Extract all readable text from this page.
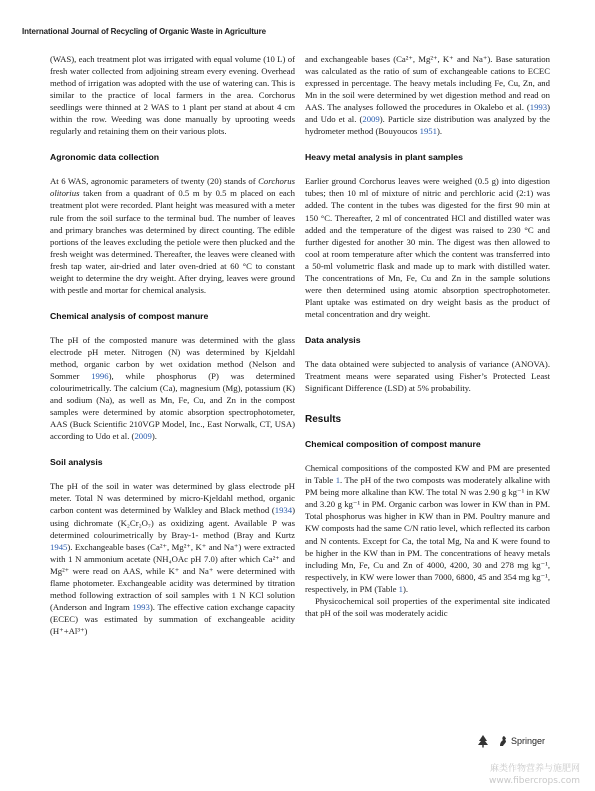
International Journal of Recycling of Organic Waste in Agriculture

(WAS), each treatment plot was irrigated with equal volume (10 L) of fresh water collected from adjoining stream every evening. Overhead method of irrigation was adopted with the use of watering can. This is similar to the practice of local farmers in the area. Corchorus seedlings were thinned at 2 WAS to 1 plant per stand at about 4 cm within the row. Weeding was done manually by uprooting weeds regularly and retaining them on their various plots.

Agronomic data collection

At 6 WAS, agronomic parameters of twenty (20) stands of Corchorus olitorius taken from a quadrant of 0.5 m by 0.5 m placed on each treatment plot were recorded. Plant height was measured with a meter rule from the soil surface to the terminal bud. The number of leaves and primary branches was determined by direct counting. The edible portions of the leaves excluding the petiole were then plucked and the fresh weight was determined. Thereafter, the leaves were cleaned with fresh tap water, air-dried and later oven-dried at 60 °C to constant weight to determine the dry weight. After drying, leaves were ground with pestle and mortar for chemical analysis.

Chemical analysis of compost manure

The pH of the composted manure was determined with the glass electrode pH meter. Nitrogen (N) was determined by Kjeldahl method, organic carbon by wet oxidation method (Nelson and Sommer 1996), while phosphorus (P) was determined colourimetrically. The calcium (Ca), magnesium (Mg), potassium (K) and sodium (Na), as well as Mn, Fe, Cu, and Zn in the compost samples were determined by atomic absorption spectrophotometer, AAS (Buck Scientific 210VGP Model, Inc., East Norwalk, CT, USA) according to Udo et al. (2009).

Soil analysis

The pH of the soil in water was determined by glass electrode pH meter. Total N was determined by micro-Kjeldahl method, organic carbon content was determined by Walkley and Black method (1934) using dichromate (K₂Cr₂O₇) as oxidizing agent. Available P was determined colourimetrically by Bray-1- method (Bray and Kurtz 1945). Exchangeable bases (Ca²⁺, Mg²⁺, K⁺ and Na⁺) were extracted with 1 N ammonium acetate (NH₄OAc pH 7.0) after which Ca²⁺ and Mg²⁺ were read on AAS, while K⁺ and Na⁺ were determined with flame photometer. Exchangeable acidity was determined by titration method following extraction of soil samples with 1 N KCl solution (Anderson and Ingram 1993). The effective cation exchange capacity (ECEC) was estimated by summation of exchangeable acidity (H⁺+Al³⁺)

and exchangeable bases (Ca²⁺, Mg²⁺, K⁺ and Na⁺). Base saturation was calculated as the ratio of sum of exchangeable cations to ECEC expressed in percentage. The heavy metals including Fe, Cu, Zn, and Mn in the soil were determined by wet digestion method and read on AAS. The analyses followed the procedures in Okalebo et al. (1993) and Udo et al. (2009). Particle size distribution was analyzed by the hydrometer method (Bouyoucos 1951).

Heavy metal analysis in plant samples

Earlier ground Corchorus leaves were weighed (0.5 g) into digestion tubes; then 10 ml of mixture of nitric and perchloric acid (2:1) was added. The content in the tubes was digested for the first 90 min at 150 °C. Thereafter, 2 ml of concentrated HCl and distilled water was added and the temperature of the digest was raised to 230 °C and further digested for another 30 min. The digest was then allowed to cool at room temperature after which the content was transferred into a 50-ml volumetric flask and made up to mark with distilled water. The concentrations of Mn, Fe, Cu and Zn in the sample solutions were then determined using atomic absorption spectrophotometer. Plant uptake was estimated on dry weight basis as the product of metal concentration and dry weight.

Data analysis

The data obtained were subjected to analysis of variance (ANOVA). Treatment means were separated using Fisher’s Protected Least Significant Difference (LSD) at 5% probability.

Results
Chemical composition of compost manure

Chemical compositions of the composted KW and PM are presented in Table 1. The pH of the two composts was moderately alkaline with PM being more alkaline than KW. The total N was 2.90 g kg⁻¹ in KW and 3.20 g kg⁻¹ in PM. Organic carbon was lower in KW than in PM. Total phosphorus was higher in KW than in PM. Poultry manure and KW composts had the same C/N ratio level, which reflected its carbon and N contents. Except for Ca, the total Mg, Na and K were found to be higher in the KW than in PM. The concentrations of heavy metals including Mn, Fe, Cu and Zn of 4000, 4200, 30 and 278 mg kg⁻¹, respectively, in KW were lower than 7000, 6800, 45 and 354 mg kg⁻¹, respectively, in PM (Table 1).

Physicochemical soil properties of the experimental site indicated that pH of the soil was moderately acidic

Springer
麻类作物营养与施肥网
www.fibercrops.com
